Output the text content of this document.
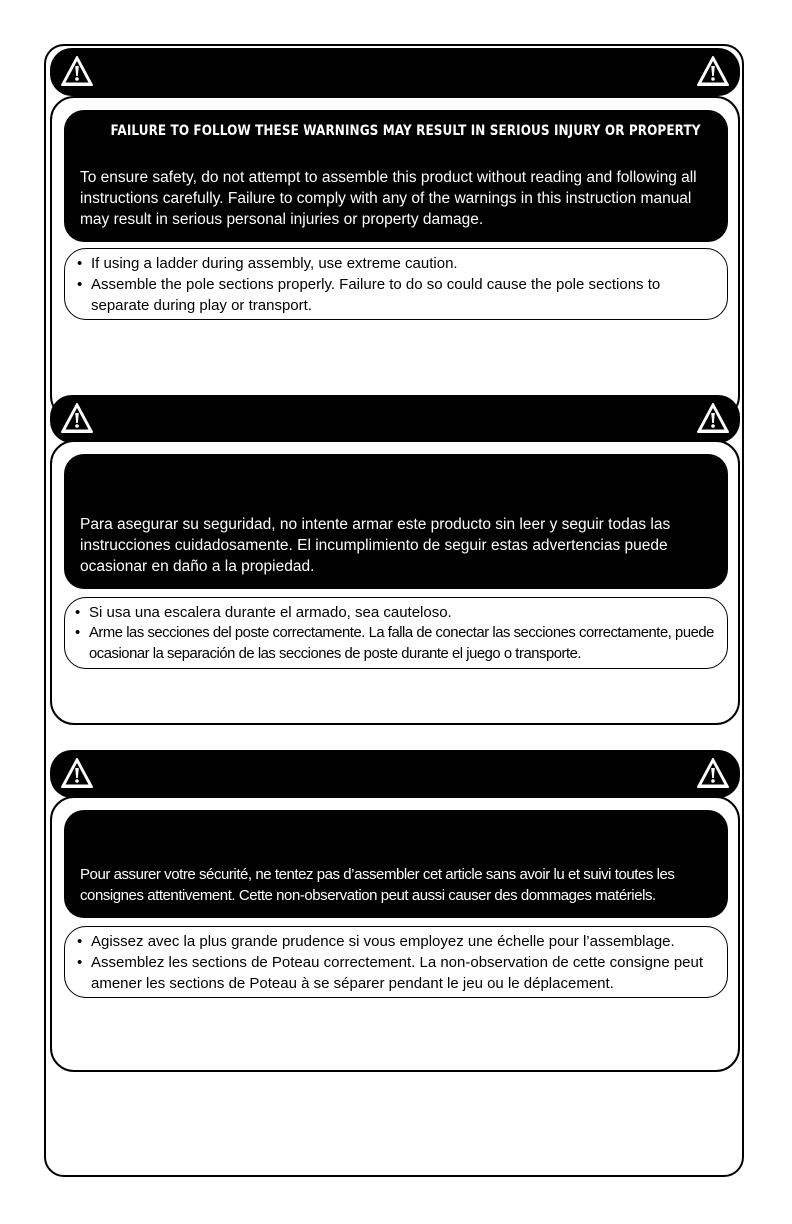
FAILURE TO FOLLOW THESE WARNINGS MAY RESULT IN SERIOUS INJURY OR PROPERTY
To ensure safety, do not attempt to assemble this product without reading and following all instructions carefully. Failure to comply with any of the warnings in this instruction manual may result in serious personal injuries or property damage.
• If using a ladder during assembly, use extreme caution.
• Assemble the pole sections properly. Failure to do so could cause the pole sections to separate during play or transport.
Para asegurar su seguridad, no intente armar este producto sin leer y seguir todas las instrucciones cuidadosamente. El incumplimiento de seguir estas advertencias puede ocasionar en daño a la propiedad.
• Si usa una escalera durante el armado, sea cauteloso.
• Arme las secciones del poste correctamente. La falla de conectar las secciones correctamente, puede ocasionar la separación de las secciones de poste durante el juego o transporte.
Pour assurer votre sécurité, ne tentez pas d’assembler cet article sans avoir lu et suivi toutes les consignes attentivement. Cette non-observation peut aussi causer des dommages matériels.
• Agissez avec la plus grande prudence si vous employez une échelle pour l’assemblage.
• Assemblez les sections de Poteau correctement. La non-observation de cette consigne peut amener les sections de Poteau à se séparer pendant le jeu ou le déplacement.
